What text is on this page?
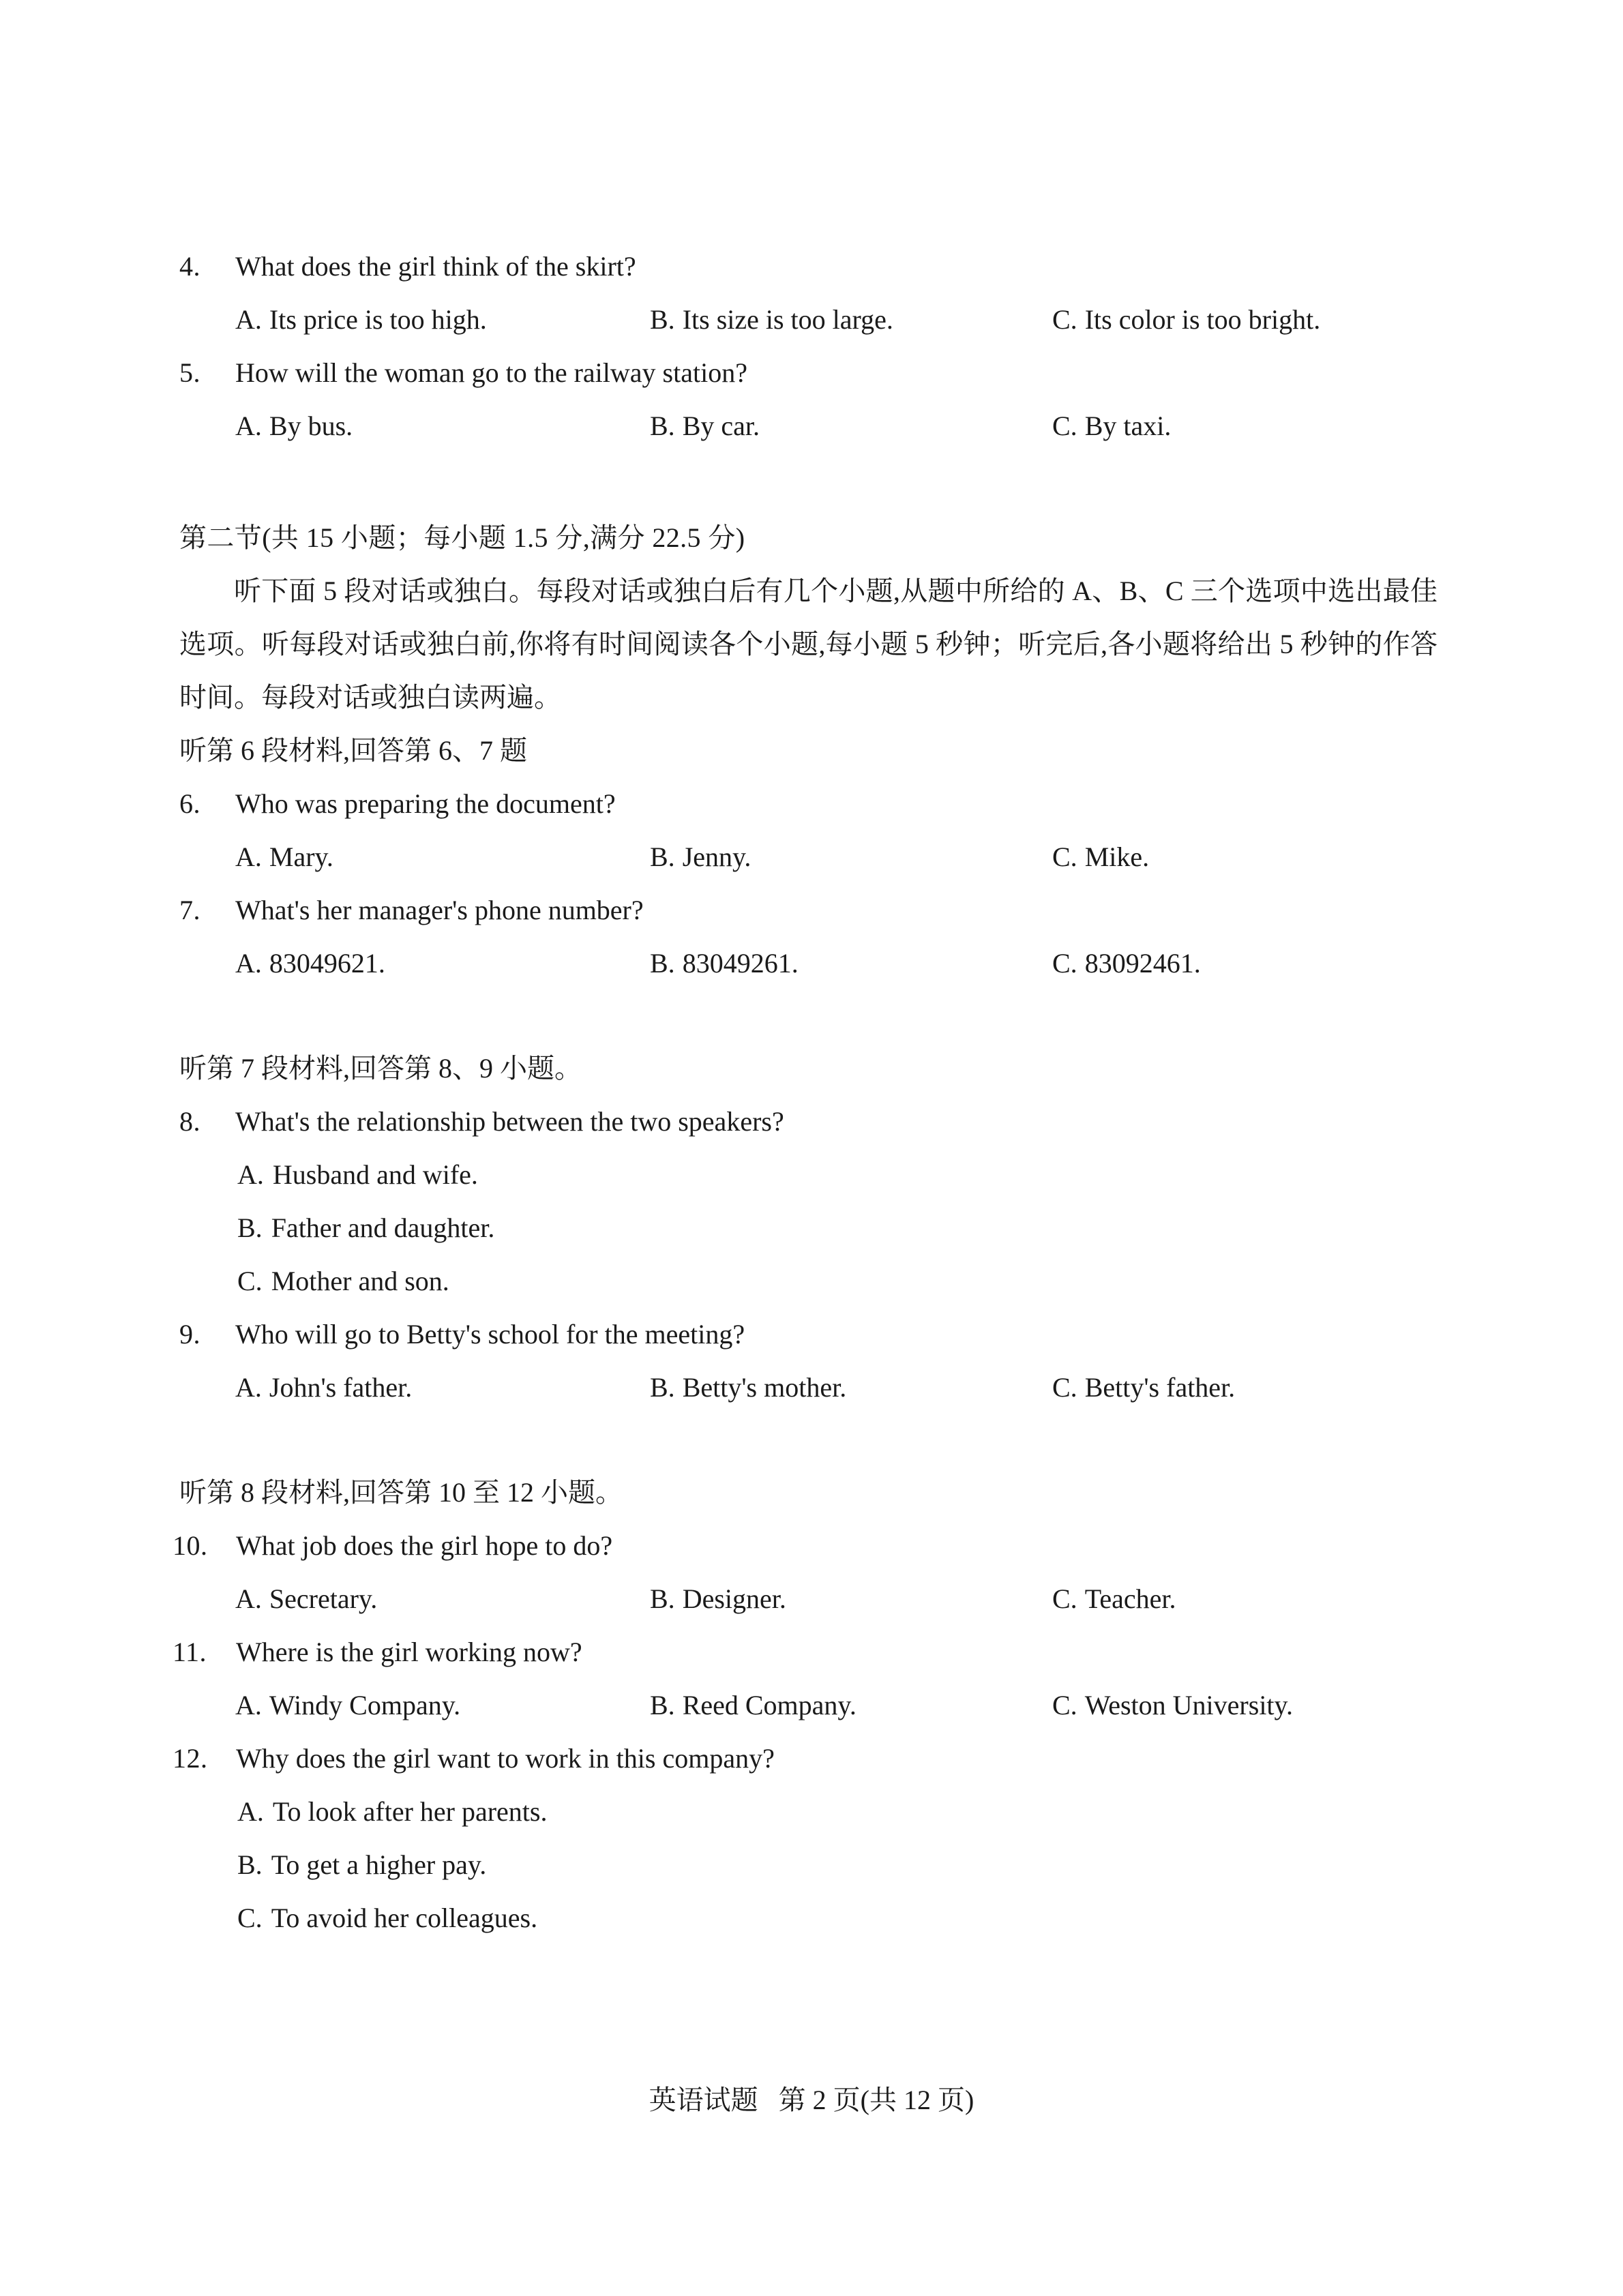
4.	What does the girl think of the skirt?
A. Its price is too high.	B. Its size is too large.	C. Its color is too bright.
5.	How will the woman go to the railway station?
A. By bus.	B. By car.	C. By taxi.
第二节(共 15 小题；每小题 1.5 分,满分 22.5 分)
听下面 5 段对话或独白。每段对话或独白后有几个小题,从题中所给的 A、B、C 三个选项中选出最佳选项。听每段对话或独白前,你将有时间阅读各个小题,每小题 5 秒钟；听完后,各小题将给出 5 秒钟的作答时间。每段对话或独白读两遍。
听第 6 段材料,回答第 6、7 题
6.	Who was preparing the document?
A. Mary.	B. Jenny.	C. Mike.
7.	What's her manager's phone number?
A. 83049621.	B. 83049261.	C. 83092461.
听第 7 段材料,回答第 8、9 小题。
8.	What's the relationship between the two speakers?
A. Husband and wife.
B. Father and daughter.
C. Mother and son.
9.	Who will go to Betty's school for the meeting?
A. John's father.	B. Betty's mother.	C. Betty's father.
听第 8 段材料,回答第 10 至 12 小题。
10.	What job does the girl hope to do?
A. Secretary.	B. Designer.	C. Teacher.
11.	Where is the girl working now?
A. Windy Company.	B. Reed Company.	C. Weston University.
12.	Why does the girl want to work in this company?
A. To look after her parents.
B. To get a higher pay.
C. To avoid her colleagues.
英语试题 第 2 页(共 12 页)
